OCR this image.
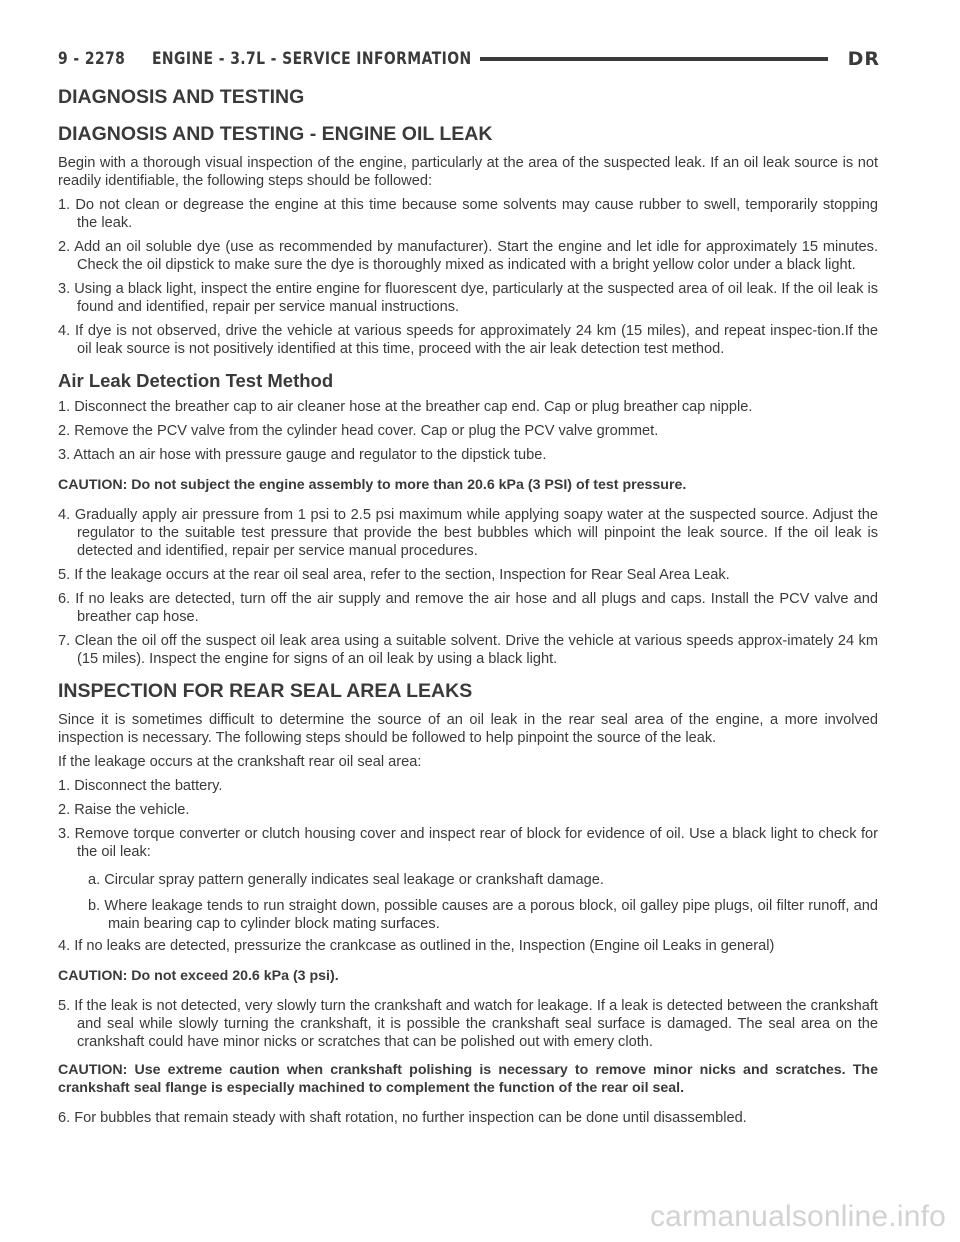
9 - 2278 ENGINE - 3.7L - SERVICE INFORMATION	DR
DIAGNOSIS AND TESTING
DIAGNOSIS AND TESTING - ENGINE OIL LEAK

Begin with a thorough visual inspection of the engine, particularly at the area of the suspected leak. If an oil leak source is not readily identifiable, the following steps should be followed:

1. Do not clean or degrease the engine at this time because some solvents may cause rubber to swell, temporarily stopping the leak.

2. Add an oil soluble dye (use as recommended by manufacturer). Start the engine and let idle for approximately 15 minutes. Check the oil dipstick to make sure the dye is thoroughly mixed as indicated with a bright yellow color under a black light.

3. Using a black light, inspect the entire engine for fluorescent dye, particularly at the suspected area of oil leak. If the oil leak is found and identified, repair per service manual instructions.

4. If dye is not observed, drive the vehicle at various speeds for approximately 24 km (15 miles), and repeat inspec-tion.If the oil leak source is not positively identified at this time, proceed with the air leak detection test method.

Air Leak Detection Test Method

1. Disconnect the breather cap to air cleaner hose at the breather cap end. Cap or plug breather cap nipple.

2. Remove the PCV valve from the cylinder head cover. Cap or plug the PCV valve grommet.

3. Attach an air hose with pressure gauge and regulator to the dipstick tube.

CAUTION: Do not subject the engine assembly to more than 20.6 kPa (3 PSI) of test pressure.

4. Gradually apply air pressure from 1 psi to 2.5 psi maximum while applying soapy water at the suspected source. Adjust the regulator to the suitable test pressure that provide the best bubbles which will pinpoint the leak source. If the oil leak is detected and identified, repair per service manual procedures.

5. If the leakage occurs at the rear oil seal area, refer to the section, Inspection for Rear Seal Area Leak.

6. If no leaks are detected, turn off the air supply and remove the air hose and all plugs and caps. Install the PCV valve and breather cap hose.

7. Clean the oil off the suspect oil leak area using a suitable solvent. Drive the vehicle at various speeds approx-imately 24 km (15 miles). Inspect the engine for signs of an oil leak by using a black light.

INSPECTION FOR REAR SEAL AREA LEAKS

Since it is sometimes difficult to determine the source of an oil leak in the rear seal area of the engine, a more involved inspection is necessary. The following steps should be followed to help pinpoint the source of the leak.

If the leakage occurs at the crankshaft rear oil seal area:

1. Disconnect the battery.

2. Raise the vehicle.

3. Remove torque converter or clutch housing cover and inspect rear of block for evidence of oil. Use a black light to check for the oil leak:

a. Circular spray pattern generally indicates seal leakage or crankshaft damage.

b. Where leakage tends to run straight down, possible causes are a porous block, oil galley pipe plugs, oil filter runoff, and main bearing cap to cylinder block mating surfaces.

4. If no leaks are detected, pressurize the crankcase as outlined in the, Inspection (Engine oil Leaks in general)

CAUTION: Do not exceed 20.6 kPa (3 psi).

5. If the leak is not detected, very slowly turn the crankshaft and watch for leakage. If a leak is detected between the crankshaft and seal while slowly turning the crankshaft, it is possible the crankshaft seal surface is damaged. The seal area on the crankshaft could have minor nicks or scratches that can be polished out with emery cloth.

CAUTION: Use extreme caution when crankshaft polishing is necessary to remove minor nicks and scratches. The crankshaft seal flange is especially machined to complement the function of the rear oil seal.

6. For bubbles that remain steady with shaft rotation, no further inspection can be done until disassembled.

carmanualsonline.info
